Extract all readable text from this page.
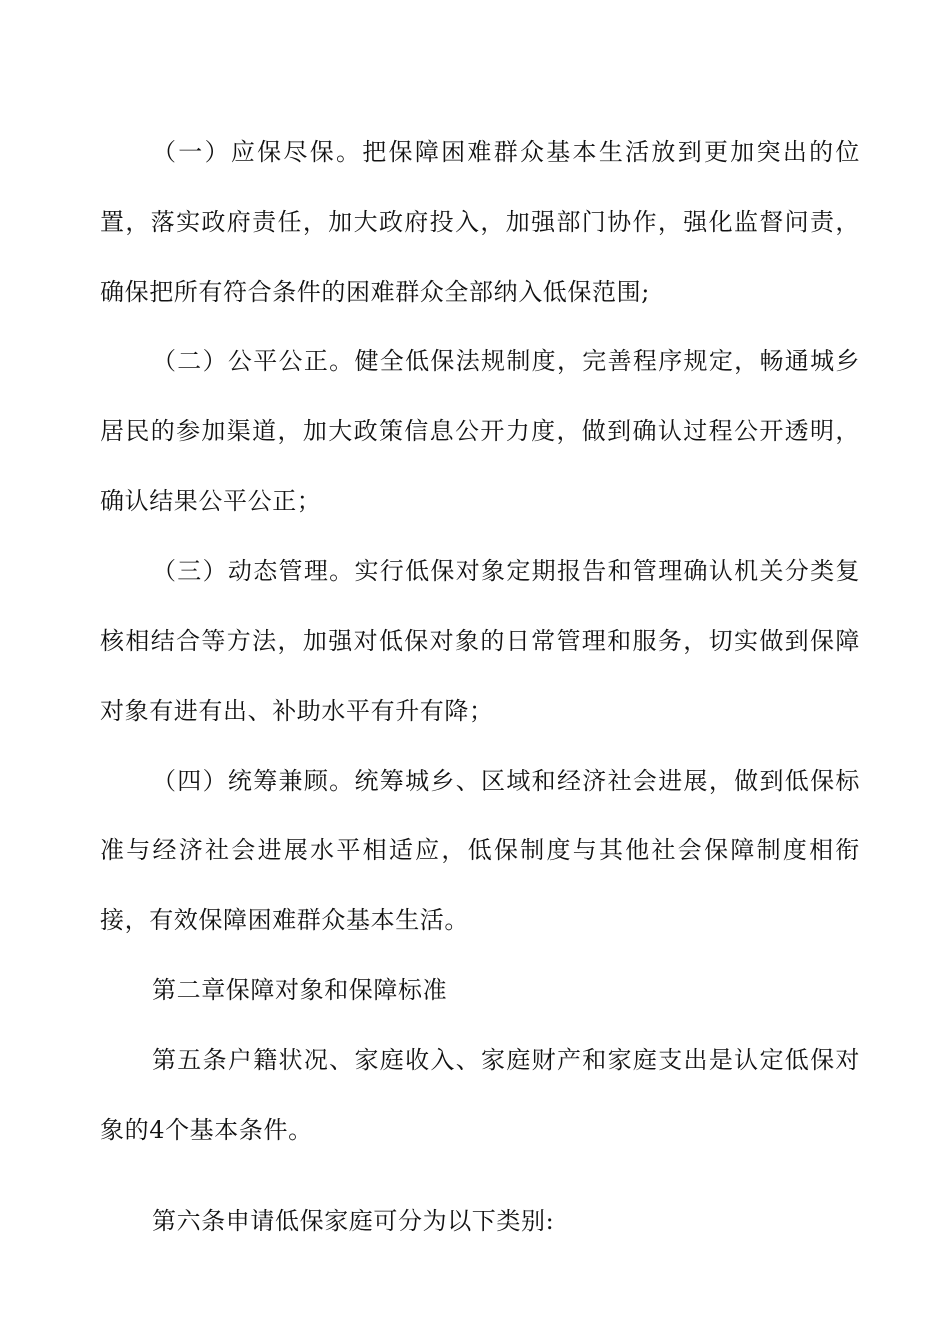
（一）应保尽保。把保障困难群众基本生活放到更加突出的位
置，落实政府责任，加大政府投入，加强部门协作，强化监督问责，
确保把所有符合条件的困难群众全部纳入低保范围;
（二）公平公正。健全低保法规制度，完善程序规定，畅通城乡
居民的参加渠道，加大政策信息公开力度，做到确认过程公开透明，
确认结果公平公正；
（三）动态管理。实行低保对象定期报告和管理确认机关分类复
核相结合等方法，加强对低保对象的日常管理和服务，切实做到保障
对象有进有出、补助水平有升有降；
（四）统筹兼顾。统筹城乡、区域和经济社会进展，做到低保标
准与经济社会进展水平相适应，低保制度与其他社会保障制度相衔
接，有效保障困难群众基本生活。
第二章保障对象和保障标准
第五条户籍状况、家庭收入、家庭财产和家庭支出是认定低保对
象的4个基本条件。
第六条申请低保家庭可分为以下类别:
